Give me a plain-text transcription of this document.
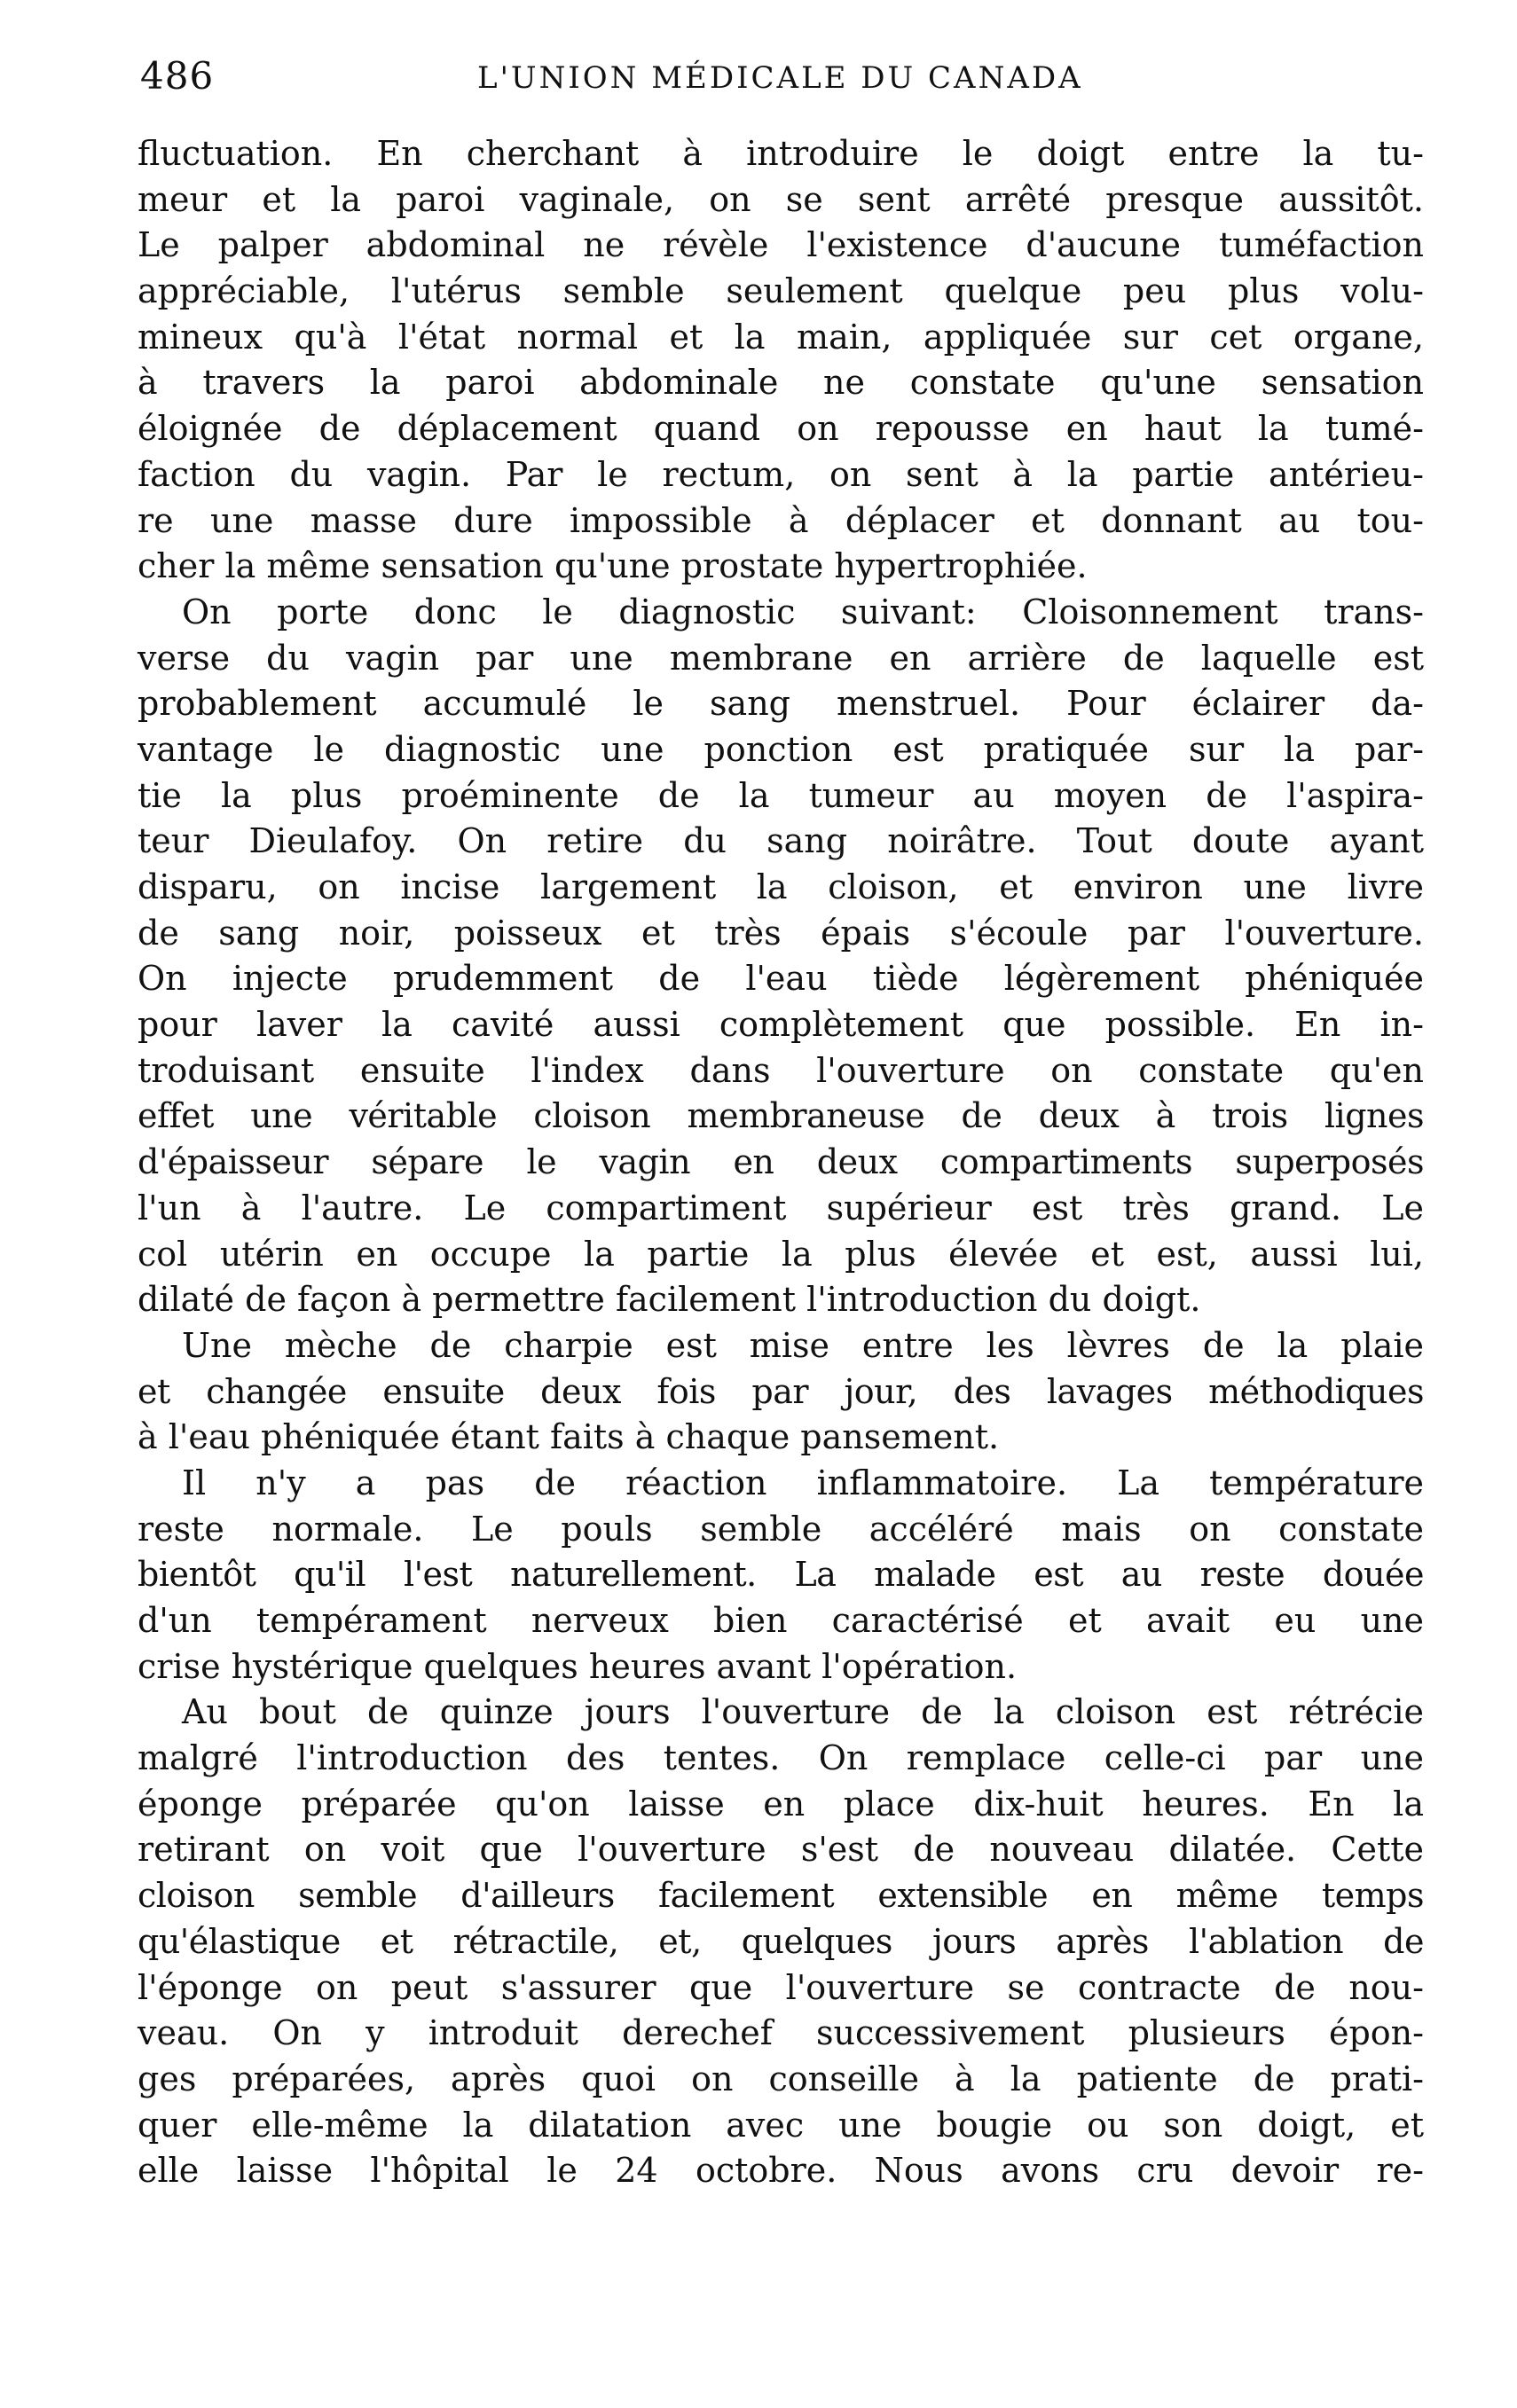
486	L'UNION MÉDICALE DU CANADA
fluctuation. En cherchant à introduire le doigt entre la tu-
meur et la paroi vaginale, on se sent arrêté presque aussitôt.
Le palper abdominal ne révèle l'existence d'aucune tuméfaction
appréciable, l'utérus semble seulement quelque peu plus volu-
mineux qu'à l'état normal et la main, appliquée sur cet organe,
à travers la paroi abdominale ne constate qu'une sensation
éloignée de déplacement quand on repousse en haut la tumé-
faction du vagin. Par le rectum, on sent à la partie antérieu-
re une masse dure impossible à déplacer et donnant au tou-
cher la même sensation qu'une prostate hypertrophiée.
On porte donc le diagnostic suivant: Cloisonnement trans-
verse du vagin par une membrane en arrière de laquelle est
probablement accumulé le sang menstruel. Pour éclairer da-
vantage le diagnostic une ponction est pratiquée sur la par-
tie la plus proéminente de la tumeur au moyen de l'aspira-
teur Dieulafoy. On retire du sang noirâtre. Tout doute ayant
disparu, on incise largement la cloison, et environ une livre
de sang noir, poisseux et très épais s'écoule par l'ouverture.
On injecte prudemment de l'eau tiède légèrement phéniquée
pour laver la cavité aussi complètement que possible. En in-
troduisant ensuite l'index dans l'ouverture on constate qu'en
effet une véritable cloison membraneuse de deux à trois lignes
d'épaisseur sépare le vagin en deux compartiments superposés
l'un à l'autre. Le compartiment supérieur est très grand. Le
col utérin en occupe la partie la plus élevée et est, aussi lui,
dilaté de façon à permettre facilement l'introduction du doigt.
Une mèche de charpie est mise entre les lèvres de la plaie
et changée ensuite deux fois par jour, des lavages méthodiques
à l'eau phéniquée étant faits à chaque pansement.
Il n'y a pas de réaction inflammatoire. La température
reste normale. Le pouls semble accéléré mais on constate
bientôt qu'il l'est naturellement. La malade est au reste douée
d'un tempérament nerveux bien caractérisé et avait eu une
crise hystérique quelques heures avant l'opération.
Au bout de quinze jours l'ouverture de la cloison est rétrécie
malgré l'introduction des tentes. On remplace celle-ci par une
éponge préparée qu'on laisse en place dix-huit heures. En la
retirant on voit que l'ouverture s'est de nouveau dilatée. Cette
cloison semble d'ailleurs facilement extensible en même temps
qu'élastique et rétractile, et, quelques jours après l'ablation de
l'éponge on peut s'assurer que l'ouverture se contracte de nou-
veau. On y introduit derechef successivement plusieurs épon-
ges préparées, après quoi on conseille à la patiente de prati-
quer elle-même la dilatation avec une bougie ou son doigt, et
elle laisse l'hôpital le 24 octobre. Nous avons cru devoir re-
